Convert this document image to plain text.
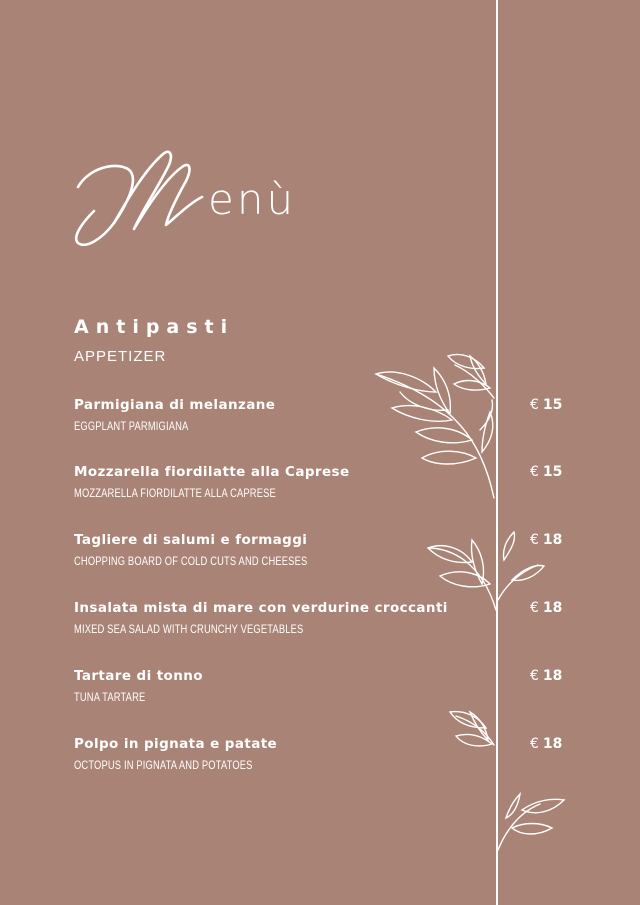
enù
Antipasti
APPETIZER
Parmigiana di melanzane
EGGPLANT PARMIGIANA
€ 15
Mozzarella fiordilatte alla Caprese
MOZZARELLA FIORDILATTE ALLA CAPRESE
€ 15
Tagliere di salumi e formaggi
CHOPPING BOARD OF COLD CUTS AND CHEESES
€ 18
Insalata mista di mare con verdurine croccanti
MIXED SEA SALAD WITH CRUNCHY VEGETABLES
€ 18
Tartare di tonno
TUNA TARTARE
€ 18
Polpo in pignata e patate
OCTOPUS IN PIGNATA AND POTATOES
€ 18
